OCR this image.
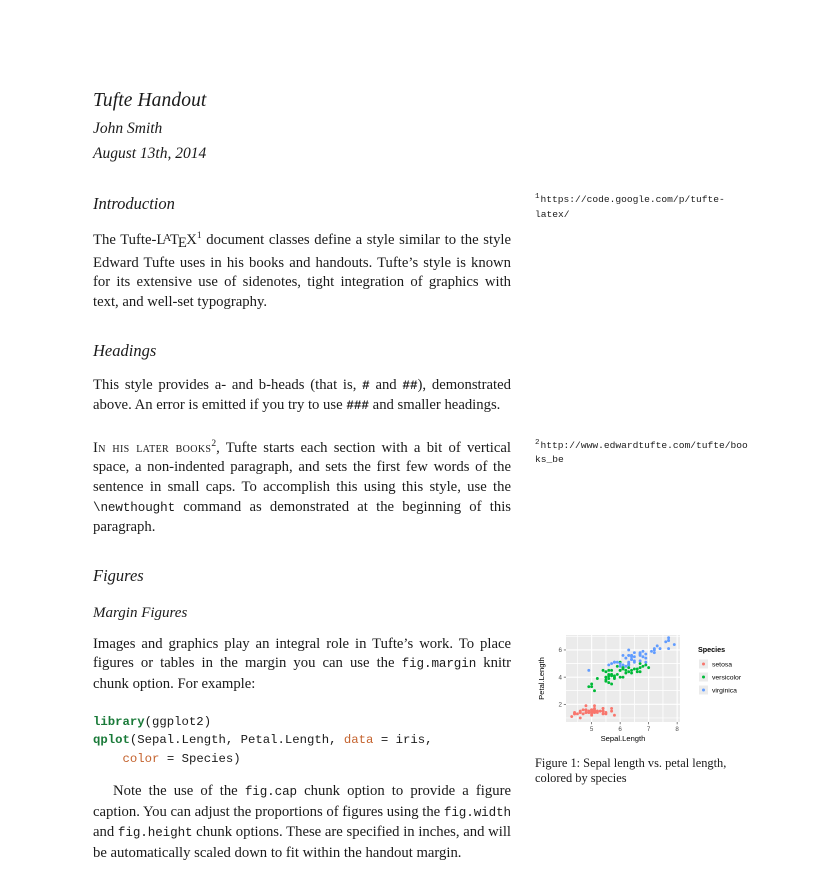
Tufte Handout
John Smith
August 13th, 2014
Introduction

The Tufte-$L^ATEX^1$ document classes define a style similar to the style Edward Tufte uses in his books and handouts. Tufte’s style is known for its extensive use of sidenotes, tight integration of graphics with text, and well-set typography.

$^1$https://code.google.com/p/tufte-latex/
Headings

This style provides a- and b-heads (that is, # and ##), demonstrated above. An error is emitted if you try to use ### and smaller headings.

In his later books$^2$, Tufte starts each section with a bit of vertical space, a non-indented paragraph, and sets the first few words of the sentence in small caps. To accomplish this using this style, use the \newthought command as demonstrated at the beginning of this paragraph.

$^2$http://www.edwardtufte.com/tufte/books_be
Figures
Margin Figures

Images and graphics play an integral role in Tufte’s work. To place figures or tables in the margin you can use the fig.margin knitr chunk option. For example:

library(ggplot2)
qplot(Sepal.Length, Petal.Length, data = iris,
color = Species)

Note the use of the fig.cap chunk option to provide a figure caption. You can adjust the proportions of figures using the fig.width and fig.height chunk options. These are specified in inches, and will be automatically scaled down to fit within the handout margin.

5	6	7	8
2
4
6
Sepal.Length
Petal.Length
Species
setosa
versicolor
virginica
Figure 1: Sepal length vs. petal length, colored by species
